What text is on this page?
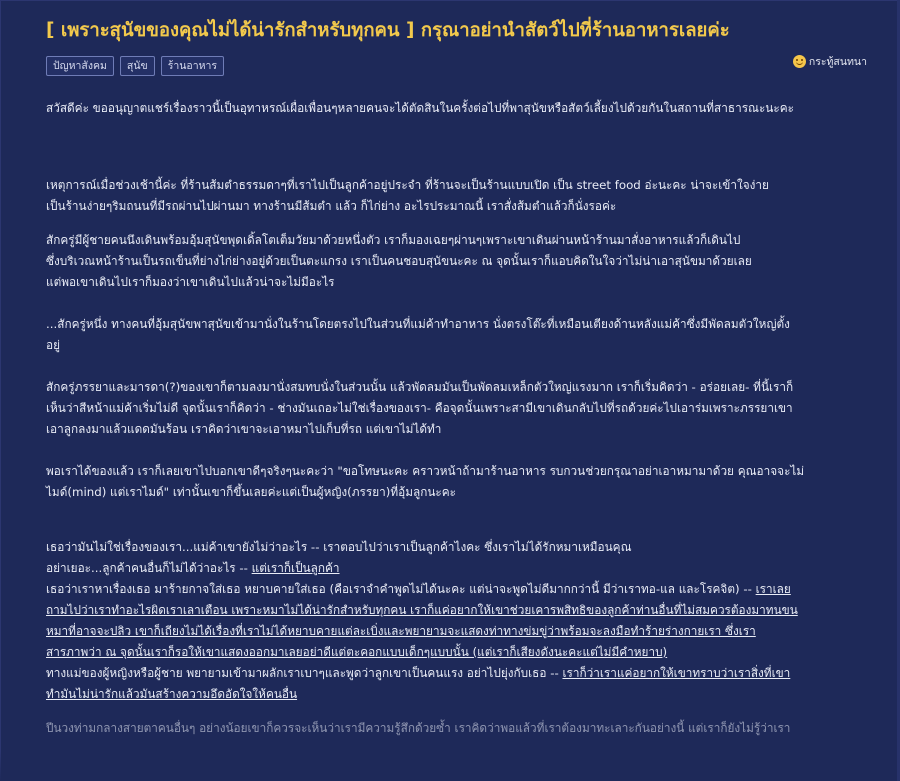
[ เพราะสุนัขของคุณไม่ได้น่ารักสำหรับทุกคน ] กรุณาอย่านำสัตว์ไปที่ร้านอาหารเลยค่ะ
ปัญหาสังคม	สุนัข	ร้านอาหาร	กระทู้สนทนา

สวัสดีค่ะ ขออนุญาตแชร์เรื่องราวนี้เป็นอุทาหรณ์เผื่อเพื่อนๆหลายคนจะได้ตัดสินในครั้งต่อไปที่พาสุนัขหรือสัตว์เลี้ยงไปด้วยกันในสถานที่สาธารณะนะคะ

เหตุการณ์เมื่อช่วงเช้านี้ค่ะ ที่ร้านส้มตำธรรมดาๆที่เราไปเป็นลูกค้าอยู่ประจำ ที่ร้านจะเป็นร้านแบบเปิด เป็น street food อ่ะนะคะ น่าจะเข้าใจง่าย

เป็นร้านง่ายๆริมถนนที่มีรถผ่านไปผ่านมา ทางร้านมีส้มตำ แล้ว ก็ไก่ย่าง อะไรประมาณนี้ เราสั่งส้มตำแล้วก็นั่งรอค่ะ

สักครู่มีผู้ชายคนนึงเดินพร้อมอุ้มสุนัขพุดเดิ้ลโตเต็มวัยมาด้วยหนึ่งตัว เราก็มองเฉยๆผ่านๆเพราะเขาเดินผ่านหน้าร้านมาสั่งอาหารแล้วก็เดินไป

ซึ่งบริเวณหน้าร้านเป็นรถเข็นที่ย่างไก่ย่างอยู่ด้วยเป็นตะแกรง เราเป็นคนชอบสุนัขนะคะ ณ จุดนั้นเราก็แอบคิดในใจว่าไม่น่าเอาสุนัขมาด้วยเลย

แต่พอเขาเดินไปเราก็มองว่าเขาเดินไปแล้วน่าจะไม่มีอะไร

...สักครู่หนึ่ง ทางคนที่อุ้มสุนัขพาสุนัขเข้ามานั่งในร้านโดยตรงไปในส่วนที่แม่ค้าทำอาหาร นั่งตรงโต๊ะที่เหมือนเตียงด้านหลังแม่ค้าซึ่งมีพัดลมตัวใหญ่ตั้ง

อยู่

สักครู่ภรรยาและมารดา(?)ของเขาก็ตามลงมานั่งสมทบนั่งในส่วนนั้น แล้วพัดลมมันเป็นพัดลมเหล็กตัวใหญ่แรงมาก เราก็เริ่มคิดว่า - อร่อยเลย- ที่นี้เราก็

เห็นว่าสีหน้าแม่ค้าเริ่มไม่ดี จุดนั้นเราก็คิดว่า - ช่างมันเถอะไม่ใช่เรื่องของเรา- คือจุดนั้นเพราะสามีเขาเดินกลับไปที่รถด้วยค่ะไปเอาร่มเพราะภรรยาเขา

เอาลูกลงมาแล้วแดดมันร้อน เราคิดว่าเขาจะเอาหมาไปเก็บที่รถ แต่เขาไม่ได้ทำ

พอเราได้ของแล้ว เราก็เลยเขาไปบอกเขาดีๆจริงๆนะคะว่า "ขอโทษนะคะ คราวหน้าถ้ามาร้านอาหาร รบกวนช่วยกรุณาอย่าเอาหมามาด้วย คุณอาจจะไม่

ไมด์(mind) แต่เราไมด์" เท่านั้นเขาก็ขึ้นเลยค่ะแต่เป็นผู้หญิง(ภรรยา)ที่อุ้มลูกนะคะ

เธอว่ามันไม่ใช่เรื่องของเรา...แม่ค้าเขายังไม่ว่าอะไร -- เราตอบไปว่าเราเป็นลูกค้าไงคะ ซึ่งเราไม่ได้รักหมาเหมือนคุณ

อย่าเยอะ...ลูกค้าคนอื่นก็ไม่ได้ว่าอะไร -- แต่เราก็เป็นลูกค้า

เธอว่าเราหาเรื่องเธอ มาร้ายกาจใส่เธอ หยาบคายใส่เธอ (คือเราจำคำพูดไม่ได้นะคะ แต่น่าจะพูดไม่ดีมากกว่านี้ มีว่าเราทอ-แล และโรคจิต) -- เราเลย

ถามไปว่าเราทำอะไรผิดเราเลาเตือน เพราะหมาไม่ได้น่ารักสำหรับทุกคน เราก็แค่อยากให้เขาช่วยเคารพสิทธิของลูกค้าท่านอื่นที่ไม่สมควรต้องมาทนขน

หมาที่อาจจะปลิว เขาก็เถียงไม่ได้เรื่องที่เราไม่ได้หยาบคายแต่ละเบิ่งและพยายามจะแสดงท่าทางข่มขู่ว่าพร้อมจะลงมือทำร้ายร่างกายเรา ซึ่งเรา

สารภาพว่า ณ จุดนั้นเราก็รอให้เขาแสดงออกมาเลยอย่าดีแต่ตะคอกแบบเด็กๆแบบนั้น (แต่เราก็เสียงดังนะคะแต่ไม่มีคำหยาบ)

ทางแม่ของผู้หญิงหรือผู้ชาย พยายามเข้ามาผลักเราเบาๆและพูดว่าลูกเขาเป็นคนแรง อย่าไปยุ่งกับเธอ -- เราก็ว่าเราแค่อยากให้เขาทราบว่าเราสิ่งที่เขา

ทำมันไม่น่ารักแล้วมันสร้างความอึดอัดใจให้คนอื่น

ปีนวงท่ามกลางสายตาคนอื่นๆ อย่างน้อยเขาก็ควรจะเห็นว่าเรามีความรู้สึกด้วยซ้ำ เราคิดว่าพอแล้วที่เราต้องมาทะเลาะกันอย่างนี้ แต่เราก็ยังไม่รู้ว่าเรา
